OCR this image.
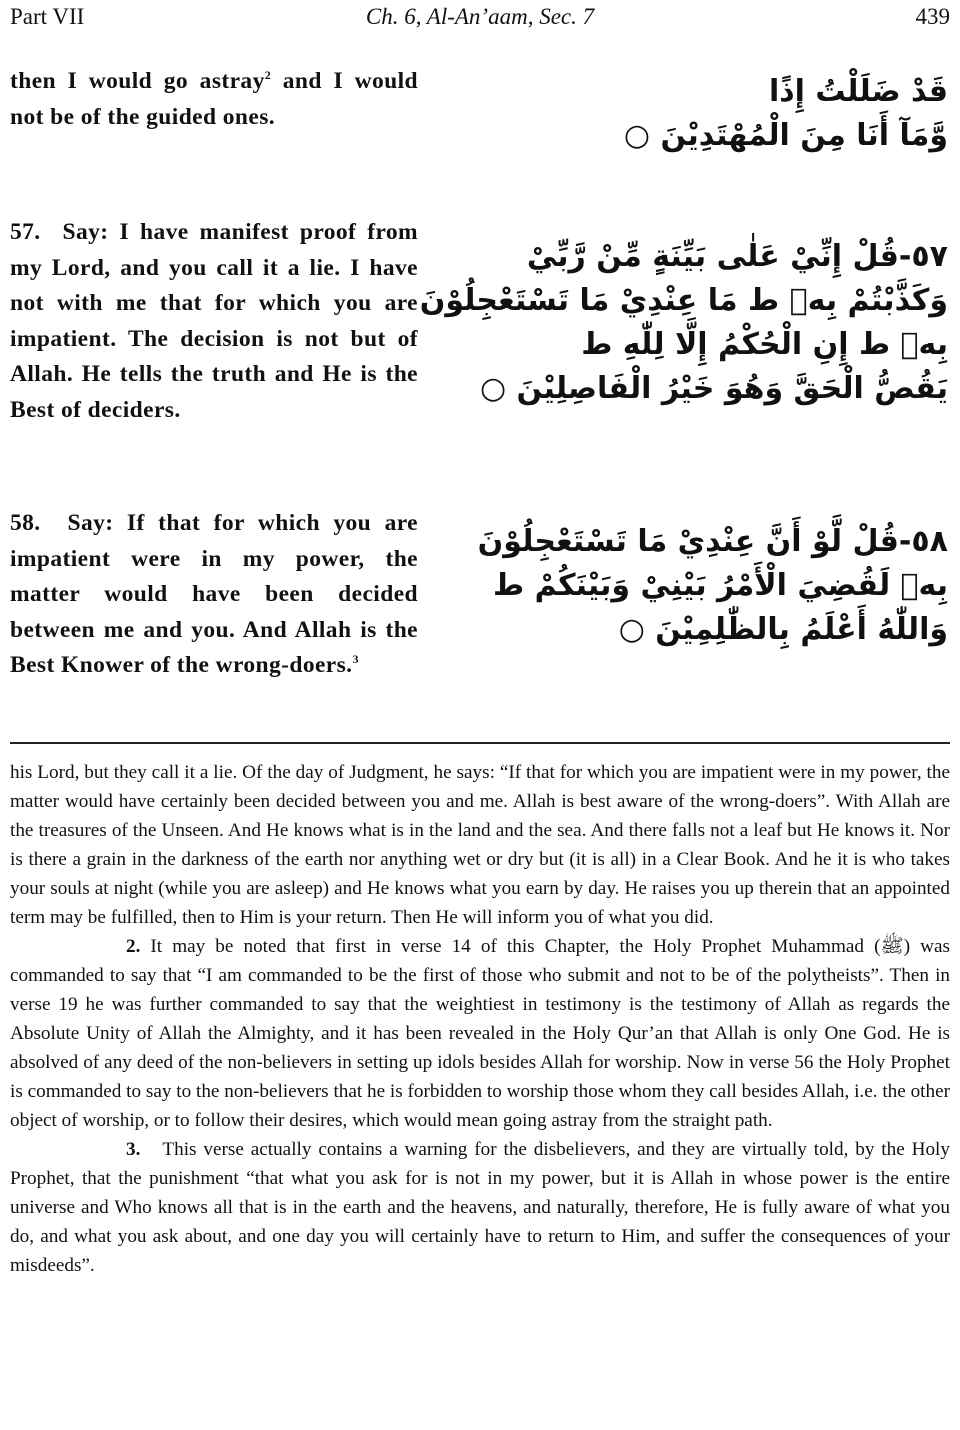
Part VII	Ch. 6, Al-An’aam, Sec. 7	439
then I would go astray$^2$ and I would not be of the guided ones.
قَدْ ضَلَلْتُ إِذًا
وَّمَآ أَنَا مِنَ الْمُهْتَدِيْنَ ○
57. Say: I have manifest proof from my Lord, and you call it a lie. I have not with me that for which you are impatient. The decision is not but of Allah. He tells the truth and He is the Best of deciders.
٥٧-قُلْ إِنِّيْ عَلٰى بَيِّنَةٍ مِّنْ رَّبِّيْ
وَكَذَّبْتُمْ بِهٖ ط مَا عِنْدِيْ مَا تَسْتَعْجِلُوْنَ
بِهٖ ط إِنِ الْحُكْمُ إِلَّا لِلّٰهِ ط
يَقُصُّ الْحَقَّ وَهُوَ خَيْرُ الْفَاصِلِيْنَ ○
58. Say: If that for which you are impatient were in my power, the matter would have been decided between me and you. And Allah is the Best Knower of the wrong-doers.$^3$
٥٨-قُلْ لَّوْ أَنَّ عِنْدِيْ مَا تَسْتَعْجِلُوْنَ
بِهٖ لَقُضِيَ الْأَمْرُ بَيْنِيْ وَبَيْنَكُمْ ط
وَاللّٰهُ أَعْلَمُ بِالظّٰلِمِيْنَ ○

his Lord, but they call it a lie. Of the day of Judgment, he says: “If that for which you are impatient were in my power, the matter would have certainly been decided between you and me. Allah is best aware of the wrong-doers”. With Allah are the treasures of the Unseen. And He knows what is in the land and the sea. And there falls not a leaf but He knows it. Nor is there a grain in the darkness of the earth nor anything wet or dry but (it is all) in a Clear Book. And he it is who takes your souls at night (while you are asleep) and He knows what you earn by day. He raises you up therein that an appointed term may be fulfilled, then to Him is your return. Then He will inform you of what you did.

2. It may be noted that first in verse 14 of this Chapter, the Holy Prophet Muhammad (ﷺ) was commanded to say that “I am commanded to be the first of those who submit and not to be of the polytheists”. Then in verse 19 he was further commanded to say that the weightiest in testimony is the testimony of Allah as regards the Absolute Unity of Allah the Almighty, and it has been revealed in the Holy Qur’an that Allah is only One God. He is absolved of any deed of the non-believers in setting up idols besides Allah for worship. Now in verse 56 the Holy Prophet is commanded to say to the non-believers that he is forbidden to worship those whom they call besides Allah, i.e. the other object of worship, or to follow their desires, which would mean going astray from the straight path.

3. This verse actually contains a warning for the disbelievers, and they are virtually told, by the Holy Prophet, that the punishment “that what you ask for is not in my power, but it is Allah in whose power is the entire universe and Who knows all that is in the earth and the heavens, and naturally, therefore, He is fully aware of what you do, and what you ask about, and one day you will certainly have to return to Him, and suffer the consequences of your misdeeds”.
